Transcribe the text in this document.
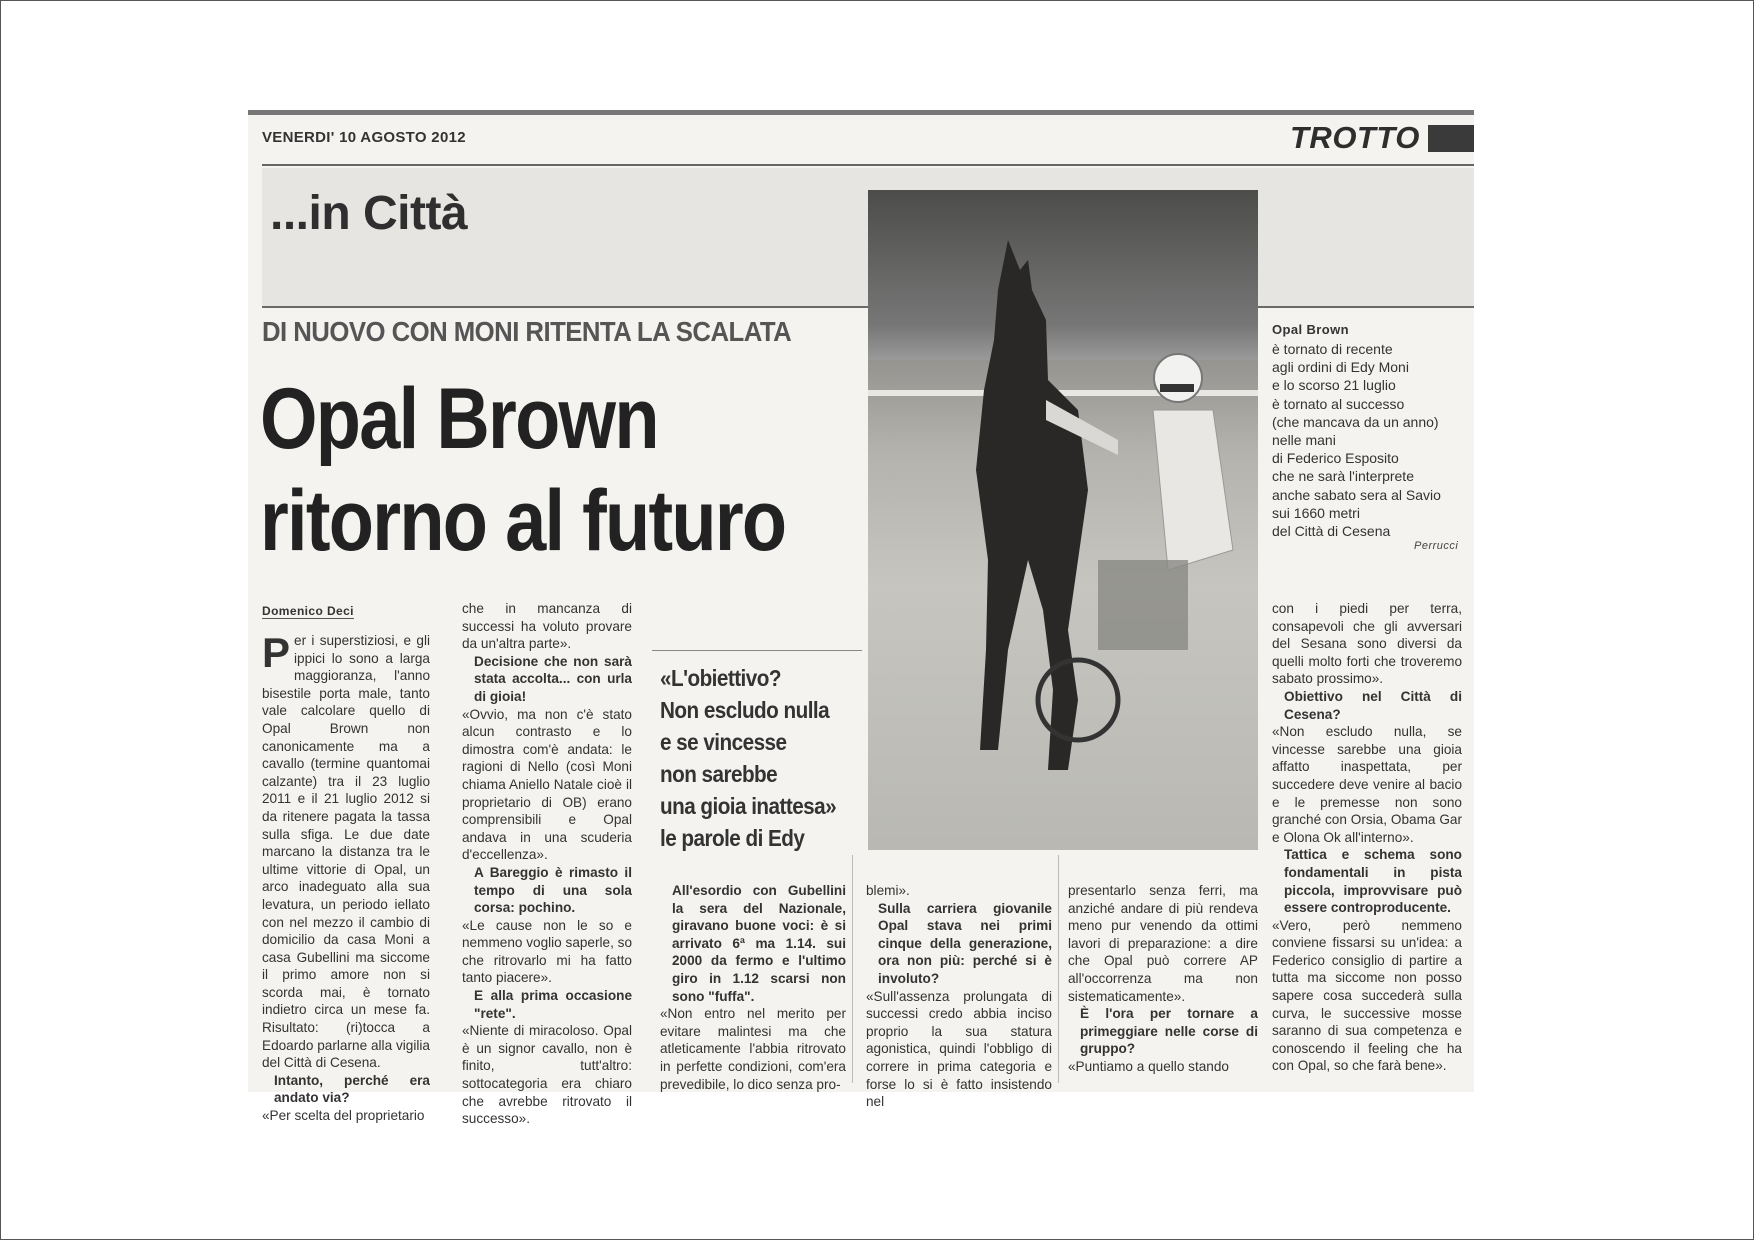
VENERDI' 10 AGOSTO 2012	TROTTO
...in Città
DI NUOVO CON MONI RITENTA LA SCALATA
Opal Brown
ritorno al futuro
Opal Brown
è tornato di recente
agli ordini di Edy Moni
e lo scorso 21 luglio
è tornato al successo
(che mancava da un anno)
nelle mani
di Federico Esposito
che ne sarà l'interprete
anche sabato sera al Savio
sui 1660 metri
del Città di Cesena
Perrucci
Domenico Deci

Per i superstiziosi, e gli ippici lo sono a larga maggioranza, l'anno bisestile porta male, tanto vale calcolare quello di Opal Brown non canonicamente ma a cavallo (termine quantomai calzante) tra il 23 luglio 2011 e il 21 luglio 2012 si da ritenere pagata la tassa sulla sfiga. Le due date marcano la distanza tra le ultime vittorie di Opal, un arco inadeguato alla sua levatura, un periodo iellato con nel mezzo il cambio di domicilio da casa Moni a casa Gubellini ma siccome il primo amore non si scorda mai, è tornato indietro circa un mese fa. Risultato: (ri)tocca a Edoardo parlarne alla vigilia del Città di Cesena.

Intanto, perché era andato via?

«Per scelta del proprietario

che in mancanza di successi ha voluto provare da un'altra parte».

Decisione che non sarà stata accolta... con urla di gioia!

«Ovvio, ma non c'è stato alcun contrasto e lo dimostra com'è andata: le ragioni di Nello (così Moni chiama Aniello Natale cioè il proprietario di OB) erano comprensibili e Opal andava in una scuderia d'eccellenza».

A Bareggio è rimasto il tempo di una sola corsa: pochino.

«Le cause non le so e nemmeno voglio saperle, so che ritrovarlo mi ha fatto tanto piacere».

E alla prima occasione "rete".

«Niente di miracoloso. Opal è un signor cavallo, non è finito, tutt'altro: sottocategoria era chiaro che avrebbe ritrovato il successo».

«L'obiettivo?
Non escludo nulla
e se vincesse
non sarebbe
una gioia inattesa»
le parole di Edy

All'esordio con Gubellini la sera del Nazionale, giravano buone voci: è si arrivato 6ª ma 1.14. sui 2000 da fermo e l'ultimo giro in 1.12 scarsi non sono "fuffa".

«Non entro nel merito per evitare malintesi ma che atleticamente l'abbia ritrovato in perfette condizioni, com'era prevedibile, lo dico senza pro-

blemi».

Sulla carriera giovanile Opal stava nei primi cinque della generazione, ora non più: perché si è involuto?

«Sull'assenza prolungata di successi credo abbia inciso proprio la sua statura agonistica, quindi l'obbligo di correre in prima categoria e forse lo si è fatto insistendo nel

presentarlo senza ferri, ma anziché andare di più rendeva meno pur venendo da ottimi lavori di preparazione: a dire che Opal può correre AP all'occorrenza ma non sistematicamente».

È l'ora per tornare a primeggiare nelle corse di gruppo?

«Puntiamo a quello stando

con i piedi per terra, consapevoli che gli avversari del Sesana sono diversi da quelli molto forti che troveremo sabato prossimo».

Obiettivo nel Città di Cesena?

«Non escludo nulla, se vincesse sarebbe una gioia affatto inaspettata, per succedere deve venire al bacio e le premesse non sono granché con Orsia, Obama Gar e Olona Ok all'interno».

Tattica e schema sono fondamentali in pista piccola, improvvisare può essere controproducente.

«Vero, però nemmeno conviene fissarsi su un'idea: a Federico consiglio di partire a tutta ma siccome non posso sapere cosa succederà sulla curva, le successive mosse saranno di sua competenza e conoscendo il feeling che ha con Opal, so che farà bene».
